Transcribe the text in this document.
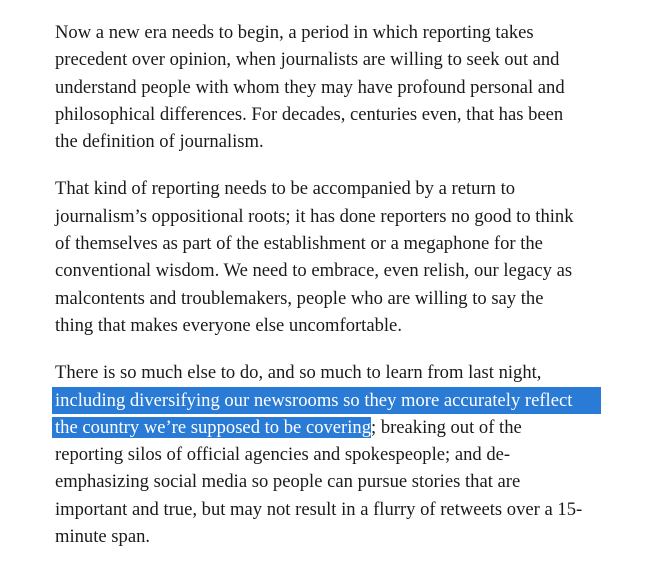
Now a new era needs to begin, a period in which reporting takes
precedent over opinion, when journalists are willing to seek out and
understand people with whom they may have profound personal and
philosophical differences. For decades, centuries even, that has been
the definition of journalism.

That kind of reporting needs to be accompanied by a return to
journalism’s oppositional roots; it has done reporters no good to think
of themselves as part of the establishment or a megaphone for the
conventional wisdom. We need to embrace, even relish, our legacy as
malcontents and troublemakers, people who are willing to say the
thing that makes everyone else uncomfortable.

There is so much else to do, and so much to learn from last night,
including diversifying our newsrooms so they more accurately reflect
the country we’re supposed to be covering; breaking out of the
reporting silos of official agencies and spokespeople; and de-
emphasizing social media so people can pursue stories that are
important and true, but may not result in a flurry of retweets over a 15-
minute span.
